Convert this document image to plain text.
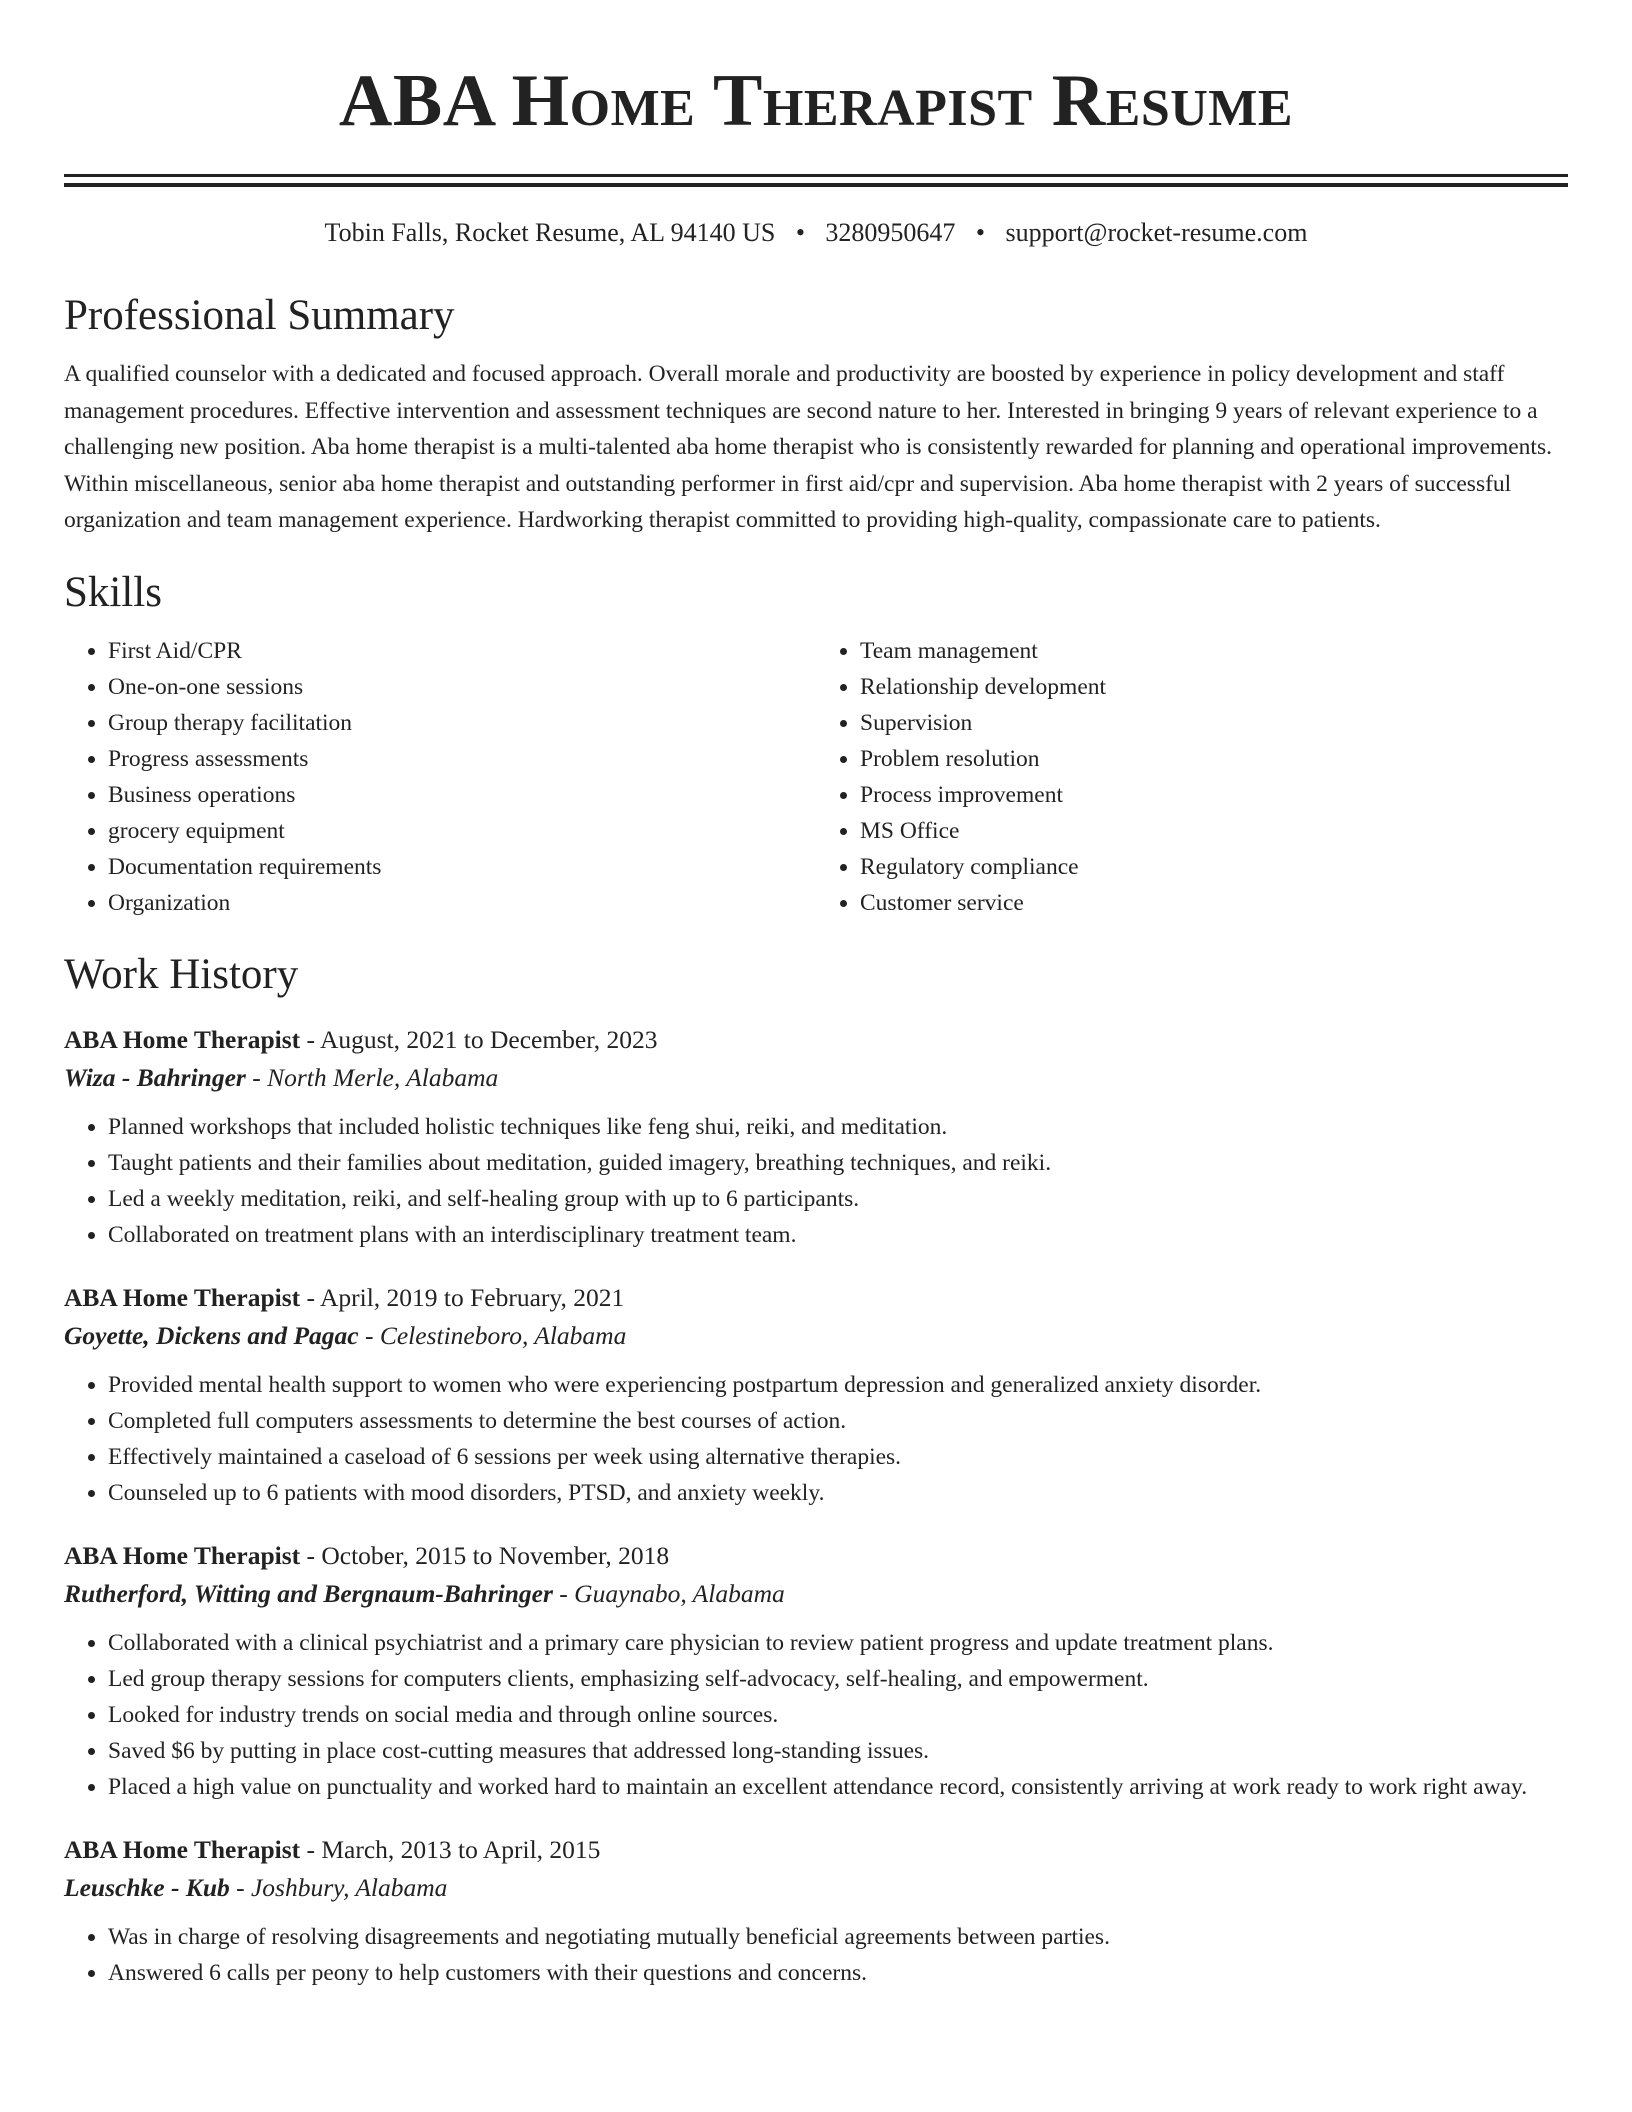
ABA Home Therapist Resume
Tobin Falls, Rocket Resume, AL 94140 US • 3280950647 • support@rocket-resume.com
Professional Summary

A qualified counselor with a dedicated and focused approach. Overall morale and productivity are boosted by experience in policy development and staff management procedures. Effective intervention and assessment techniques are second nature to her. Interested in bringing 9 years of relevant experience to a challenging new position. Aba home therapist is a multi-talented aba home therapist who is consistently rewarded for planning and operational improvements. Within miscellaneous, senior aba home therapist and outstanding performer in first aid/cpr and supervision. Aba home therapist with 2 years of successful organization and team management experience. Hardworking therapist committed to providing high-quality, compassionate care to patients.

Skills
• First Aid/CPR
• One-on-one sessions
• Group therapy facilitation
• Progress assessments
• Business operations
• grocery equipment
• Documentation requirements
• Organization
• Team management
• Relationship development
• Supervision
• Problem resolution
• Process improvement
• MS Office
• Regulatory compliance
• Customer service
Work History
ABA Home Therapist - August, 2021 to December, 2023
Wiza - Bahringer - North Merle, Alabama
• Planned workshops that included holistic techniques like feng shui, reiki, and meditation.
• Taught patients and their families about meditation, guided imagery, breathing techniques, and reiki.
• Led a weekly meditation, reiki, and self-healing group with up to 6 participants.
• Collaborated on treatment plans with an interdisciplinary treatment team.
ABA Home Therapist - April, 2019 to February, 2021
Goyette, Dickens and Pagac - Celestineboro, Alabama
• Provided mental health support to women who were experiencing postpartum depression and generalized anxiety disorder.
• Completed full computers assessments to determine the best courses of action.
• Effectively maintained a caseload of 6 sessions per week using alternative therapies.
• Counseled up to 6 patients with mood disorders, PTSD, and anxiety weekly.
ABA Home Therapist - October, 2015 to November, 2018
Rutherford, Witting and Bergnaum-Bahringer - Guaynabo, Alabama
• Collaborated with a clinical psychiatrist and a primary care physician to review patient progress and update treatment plans.
• Led group therapy sessions for computers clients, emphasizing self-advocacy, self-healing, and empowerment.
• Looked for industry trends on social media and through online sources.
• Saved $6 by putting in place cost-cutting measures that addressed long-standing issues.
• Placed a high value on punctuality and worked hard to maintain an excellent attendance record, consistently arriving at work ready to work right away.
ABA Home Therapist - March, 2013 to April, 2015
Leuschke - Kub - Joshbury, Alabama
• Was in charge of resolving disagreements and negotiating mutually beneficial agreements between parties.
• Answered 6 calls per peony to help customers with their questions and concerns.
